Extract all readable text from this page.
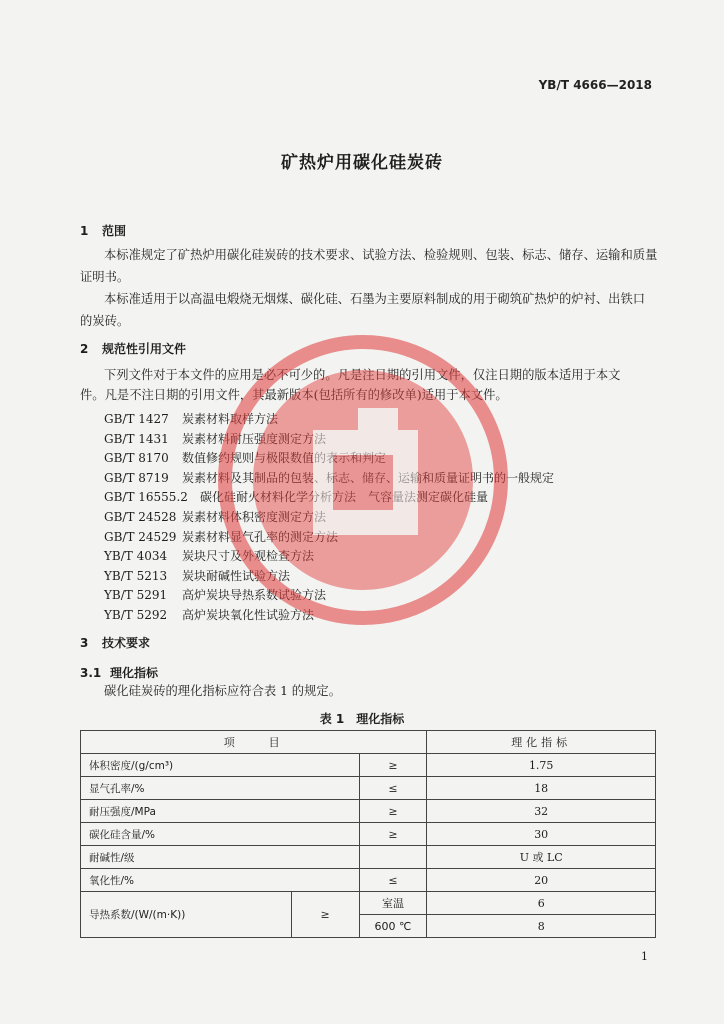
YB/T 4666—2018
矿热炉用碳化硅炭砖
1 范围
本标准规定了矿热炉用碳化硅炭砖的技术要求、试验方法、检验规则、包装、标志、储存、运输和质量
证明书。
本标准适用于以高温电煅烧无烟煤、碳化硅、石墨为主要原料制成的用于砌筑矿热炉的炉衬、出铁口
的炭砖。
2 规范性引用文件
下列文件对于本文件的应用是必不可少的。凡是注日期的引用文件，仅注日期的版本适用于本文
件。凡是不注日期的引用文件，其最新版本(包括所有的修改单)适用于本文件。
GB/T 1427 炭素材料取样方法
GB/T 1431 炭素材料耐压强度测定方法
GB/T 8170 数值修约规则与极限数值的表示和判定
GB/T 8719 炭素材料及其制品的包装、标志、储存、运输和质量证明书的一般规定
GB/T 16555.2 碳化硅耐火材料化学分析方法　气容量法测定碳化硅量
GB/T 24528 炭素材料体积密度测定方法
GB/T 24529 炭素材料显气孔率的测定方法
YB/T 4034 炭块尺寸及外观检查方法
YB/T 5213 炭块耐碱性试验方法
YB/T 5291 高炉炭块导热系数试验方法
YB/T 5292 高炉炭块氧化性试验方法
3 技术要求
3.1 理化指标
碳化硅炭砖的理化指标应符合表 1 的规定。
表 1　理化指标
项　　目			理化指标
体积密度/(g/cm³)		≥	1.75
显气孔率/%		≤	18
耐压强度/MPa		≥	32
碳化硅含量/%		≥	30
耐碱性/级			U 或 LC
氧化性/%		≤	20
导热系数/(W/(m·K))	≥	室温	6
		600 ℃	8
1
